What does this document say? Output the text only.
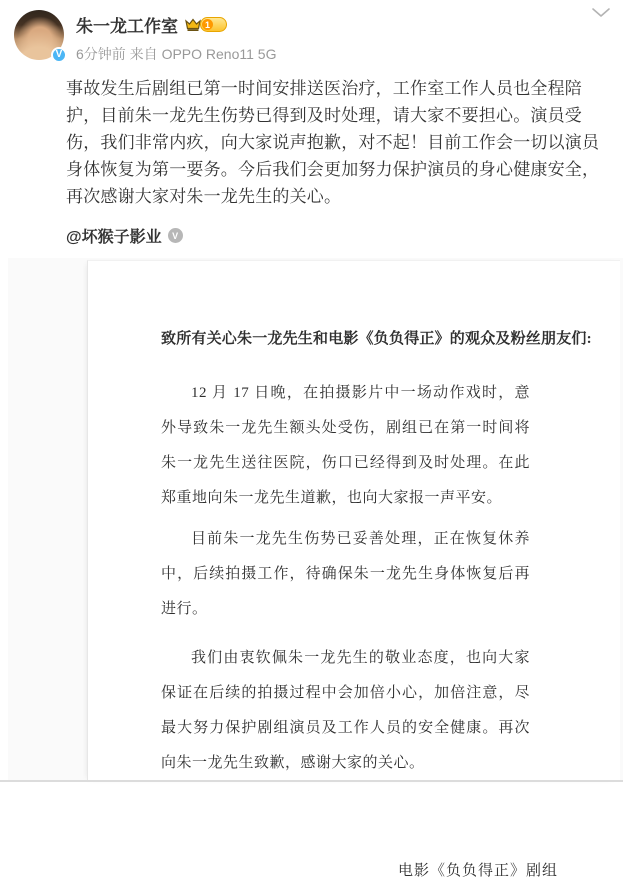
V
朱一龙工作室	1
6分钟前 来自 OPPO Reno11 5G
事故发生后剧组已第一时间安排送医治疗，工作室工作人员也全程陪护，目前朱一龙先生伤势已得到及时处理，请大家不要担心。演员受伤，我们非常内疚，向大家说声抱歉，对不起！目前工作会一切以演员身体恢复为第一要务。今后我们会更加努力保护演员的身心健康安全，再次感谢大家对朱一龙先生的关心。
@坏猴子影业	V
致所有关心朱一龙先生和电影《负负得正》的观众及粉丝朋友们:

12 月 17 日晚，在拍摄影片中一场动作戏时，意外导致朱一龙先生额头处受伤，剧组已在第一时间将朱一龙先生送往医院，伤口已经得到及时处理。在此郑重地向朱一龙先生道歉，也向大家报一声平安。

目前朱一龙先生伤势已妥善处理，正在恢复休养中，后续拍摄工作，待确保朱一龙先生身体恢复后再进行。

我们由衷钦佩朱一龙先生的敬业态度，也向大家保证在后续的拍摄过程中会加倍小心，加倍注意，尽最大努力保护剧组演员及工作人员的安全健康。再次向朱一龙先生致歉，感谢大家的关心。

电影《负负得正》剧组
